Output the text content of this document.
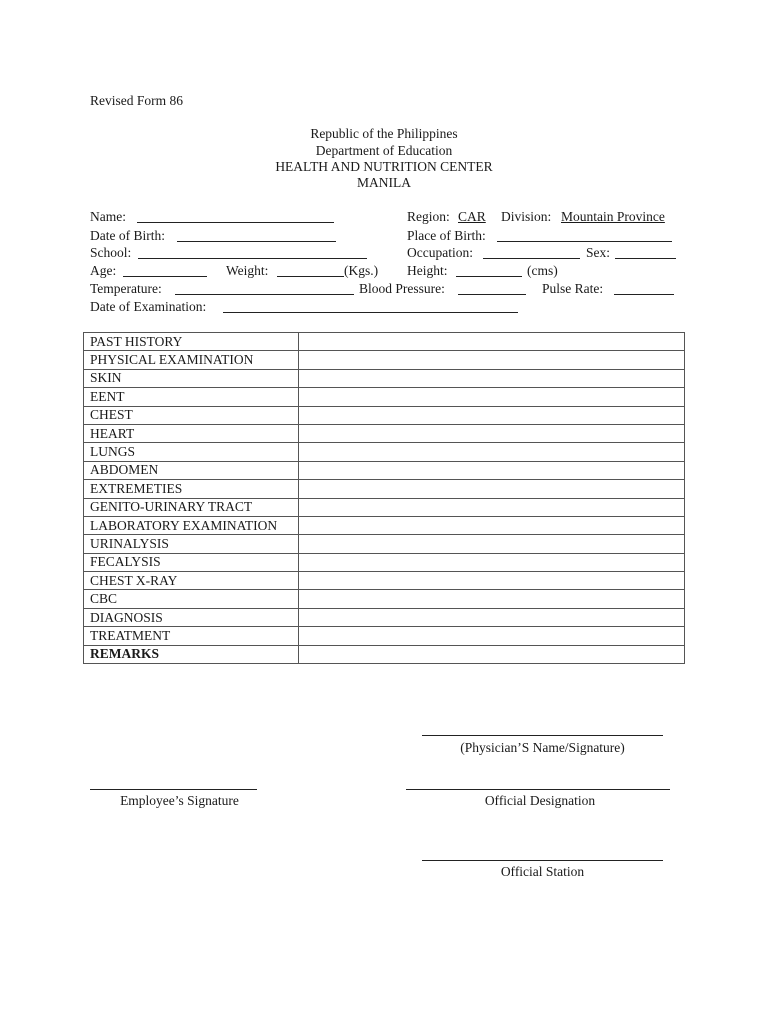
Revised Form 86
Republic of the Philippines
Department of Education
HEALTH AND NUTRITION CENTER
MANILA
Name:	Region: CAR Division: Mountain Province
Date of Birth:	Place of Birth:
School:	Occupation:	Sex:
Age:	Weight:	(Kgs.) Height:	(cms)
Temperature:	Blood Pressure:	Pulse Rate:
Date of Examination:
PAST HISTORY	
PHYSICAL EXAMINATION	
SKIN	
EENT	
CHEST	
HEART	
LUNGS	
ABDOMEN	
EXTREMETIES	
GENITO-URINARY TRACT	
LABORATORY EXAMINATION	
URINALYSIS	
FECALYSIS	
CHEST X-RAY	
CBC	
DIAGNOSIS	
TREATMENT	
REMARKS	
(Physician’S Name/Signature)
Employee’s Signature	Official Designation
Official Station
